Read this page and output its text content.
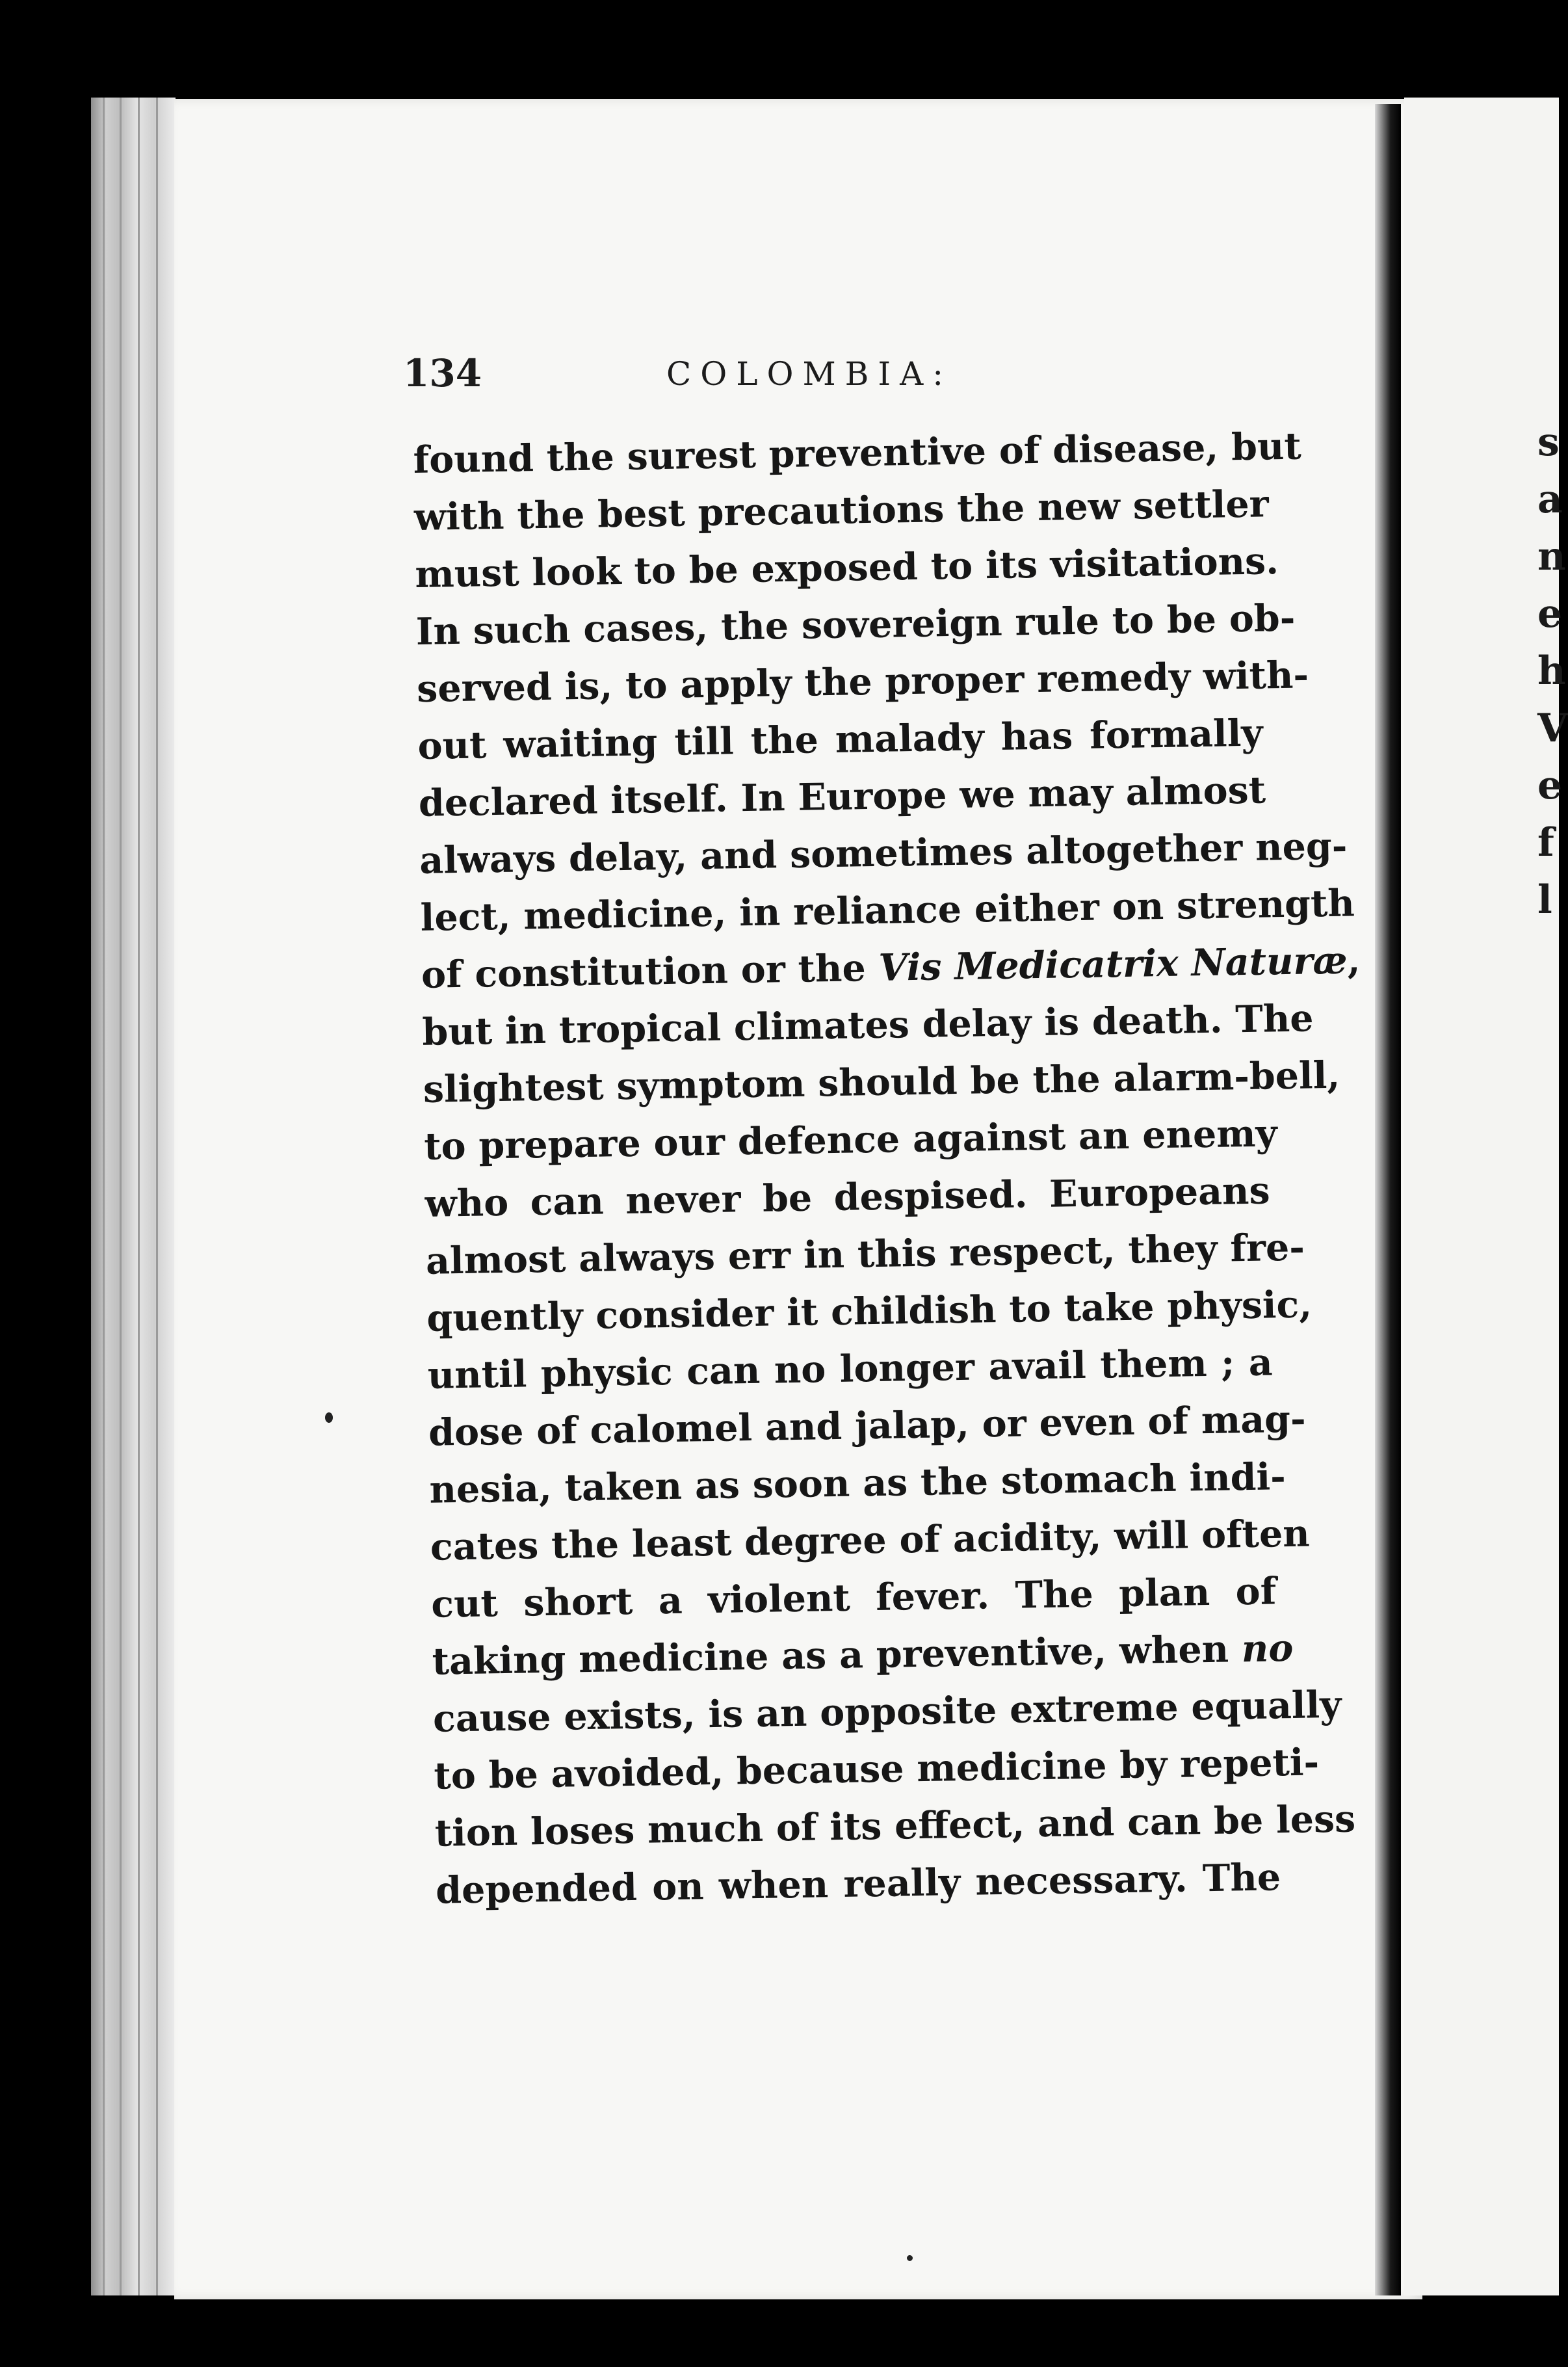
s
a
n
e
h
V
e
f
l
134	COLOMBIA:
found the surest preventive of disease, but
with the best precautions the new settler
must look to be exposed to its visitations.
In such cases, the sovereign rule to be ob-
served is, to apply the proper remedy with-
out waiting till the malady has formally
declared itself. In Europe we may almost
always delay, and sometimes altogether neg-
lect, medicine, in reliance either on strength
of constitution or the Vis Medicatrix Naturæ
but in tropical climates delay is death. The
slightest symptom should be the alarm-bell,
to prepare our defence against an enemy
who can never be despised. Europeans
almost always err in this respect, they fre-
quently consider it childish to take physic,
until physic can no longer avail them ; a
dose of calomel and jalap, or even of mag-
nesia, taken as soon as the stomach indi-
cates the least degree of acidity, will often
cut short a violent fever. The plan of
taking medicine as a preventive, when no
cause exists, is an opposite extreme equally
to be avoided, because medicine by repeti-
tion loses much of its effect, and can be less
depended on when really necessary. The
